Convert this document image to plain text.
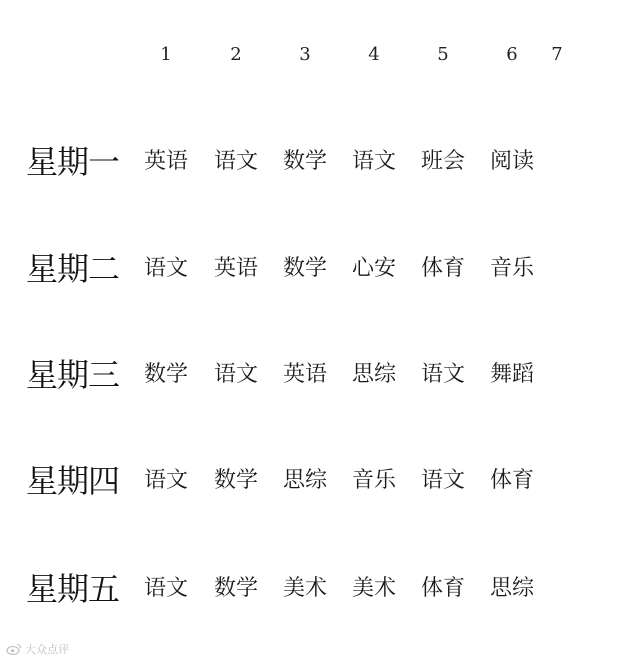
1	2	3	4	5	6 7
星期一 英语 语文 数学 语文 班会 阅读
星期二 语文 英语 数学 心安 体育 音乐
星期三 数学 语文 英语 思综 语文 舞蹈
星期四 语文 数学 思综 音乐 语文 体育
星期五 语文 数学 美术 美术 体育 思综
大众点评
